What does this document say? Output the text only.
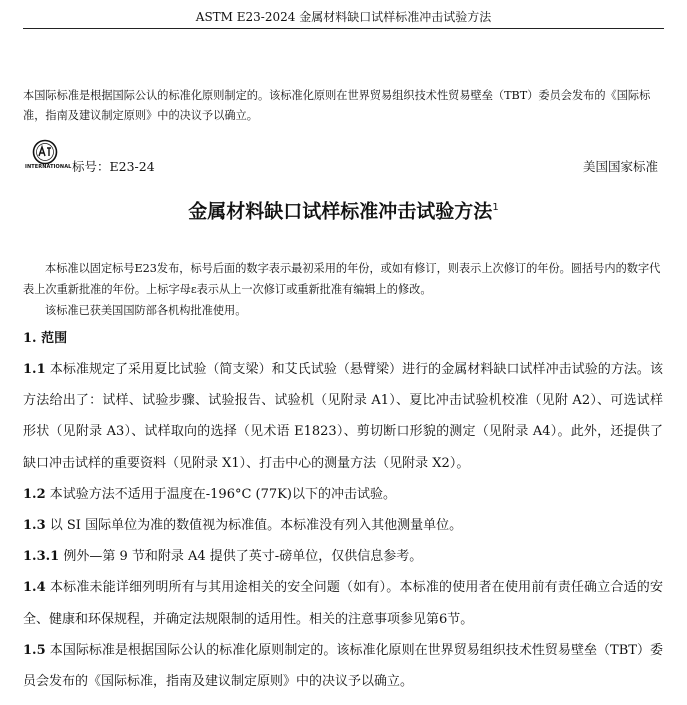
ASTM E23-2024 金属材料缺口试样标准冲击试验方法
本国际标准是根据国际公认的标准化原则制定的。该标准化原则在世界贸易组织技术性贸易壁垒（TBT）委员会发布的《国际标准，指南及建议制定原则》中的决议予以确立。
INTERNATIONAL 标号：E23-24	美国国家标准
金属材料缺口试样标准冲击试验方法$^1$

本标准以固定标号E23发布，标号后面的数字表示最初采用的年份，或如有修订，则表示上次修订的年份。圆括号内的数字代表上次重新批准的年份。上标字母ε表示从上一次修订或重新批准有编辑上的修改。

该标准已获美国国防部各机构批准使用。

1. 范围

1.1 本标准规定了采用夏比试验（简支梁）和艾氏试验（悬臂梁）进行的金属材料缺口试样冲击试验的方法。该方法给出了：试样、试验步骤、试验报告、试验机（见附录 A1）、夏比冲击试验机校准（见附 A2）、可选试样形状（见附录 A3）、试样取向的选择（见术语 E1823）、剪切断口形貌的测定（见附录 A4）。此外，还提供了缺口冲击试样的重要资料（见附录 X1）、打击中心的测量方法（见附录 X2）。

1.2 本试验方法不适用于温度在-196°C (77K)以下的冲击试验。

1.3 以 SI 国际单位为准的数值视为标准值。本标准没有列入其他测量单位。

1.3.1 例外—第 9 节和附录 A4 提供了英寸-磅单位，仅供信息参考。

1.4 本标准未能详细列明所有与其用途相关的安全问题（如有）。本标准的使用者在使用前有责任确立合适的安全、健康和环保规程，并确定法规限制的适用性。相关的注意事项参见第6节。

1.5 本国际标准是根据国际公认的标准化原则制定的。该标准化原则在世界贸易组织技术性贸易壁垒（TBT）委员会发布的《国际标准，指南及建议制定原则》中的决议予以确立。
